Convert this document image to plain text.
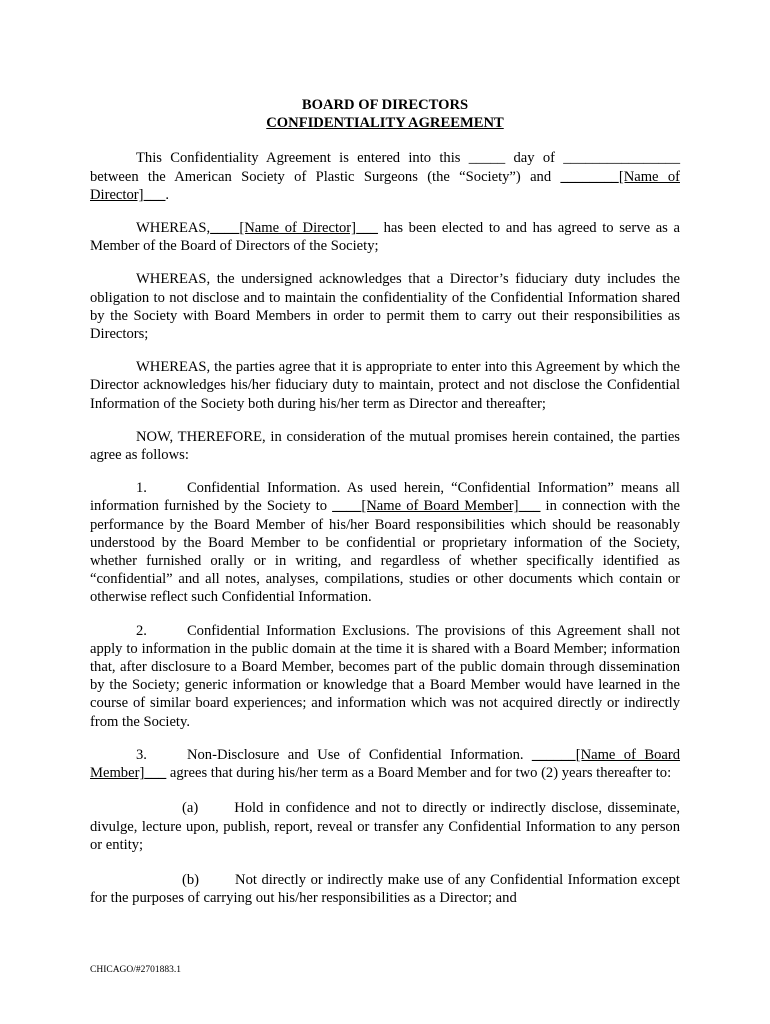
BOARD OF DIRECTORS
CONFIDENTIALITY AGREEMENT

This Confidentiality Agreement is entered into this _____ day of ________________ between the American Society of Plastic Surgeons (the “Society”) and ________[Name of Director]___.

WHEREAS,____[Name of Director]___ has been elected to and has agreed to serve as a Member of the Board of Directors of the Society;

WHEREAS, the undersigned acknowledges that a Director’s fiduciary duty includes the obligation to not disclose and to maintain the confidentiality of the Confidential Information shared by the Society with Board Members in order to permit them to carry out their responsibilities as Directors;

WHEREAS, the parties agree that it is appropriate to enter into this Agreement by which the Director acknowledges his/her fiduciary duty to maintain, protect and not disclose the Confidential Information of the Society both during his/her term as Director and thereafter;

NOW, THEREFORE, in consideration of the mutual promises herein contained, the parties agree as follows:

1.	Confidential Information. As used herein, “Confidential Information” means all information furnished by the Society to ____[Name of Board Member]___ in connection with the performance by the Board Member of his/her Board responsibilities which should be reasonably understood by the Board Member to be confidential or proprietary information of the Society, whether furnished orally or in writing, and regardless of whether specifically identified as “confidential” and all notes, analyses, compilations, studies or other documents which contain or otherwise reflect such Confidential Information.

2.	Confidential Information Exclusions. The provisions of this Agreement shall not apply to information in the public domain at the time it is shared with a Board Member; information that, after disclosure to a Board Member, becomes part of the public domain through dissemination by the Society; generic information or knowledge that a Board Member would have learned in the course of similar board experiences; and information which was not acquired directly or indirectly from the Society.

3.	Non-Disclosure and Use of Confidential Information. ______[Name of Board Member]___ agrees that during his/her term as a Board Member and for two (2) years thereafter to:

(a) Hold in confidence and not to directly or indirectly disclose, disseminate, divulge, lecture upon, publish, report, reveal or transfer any Confidential Information to any person or entity;

(b) Not directly or indirectly make use of any Confidential Information except for the purposes of carrying out his/her responsibilities as a Director; and

CHICAGO/#2701883.1
